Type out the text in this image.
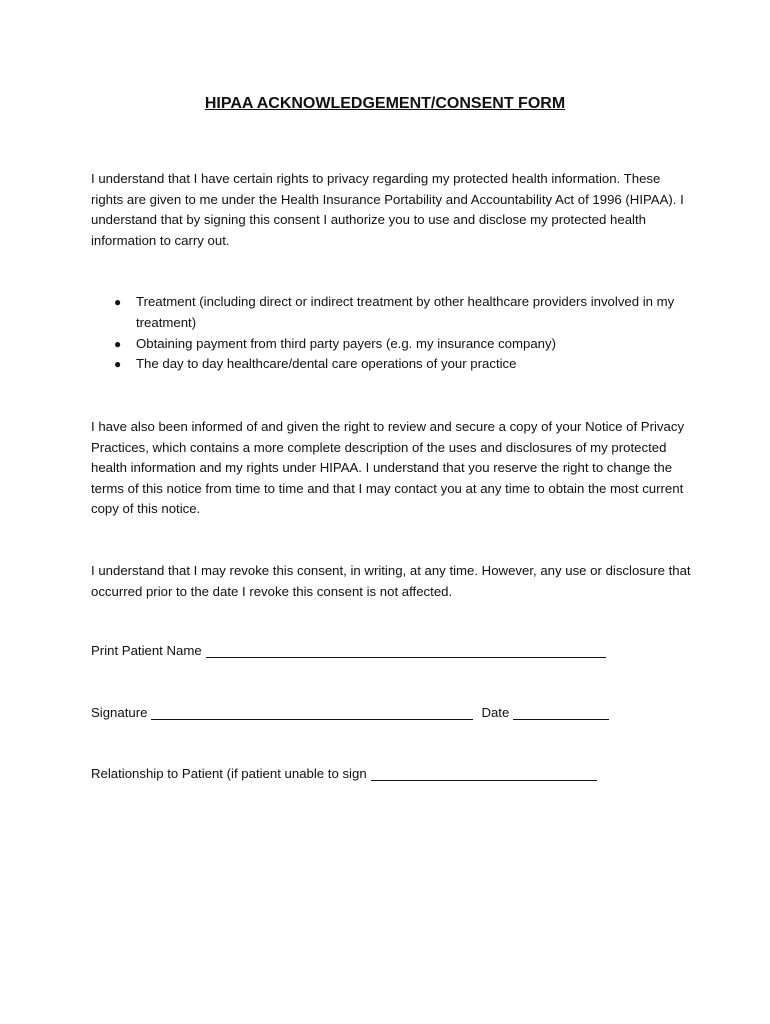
HIPAA ACKNOWLEDGEMENT/CONSENT FORM
I understand that I have certain rights to privacy regarding my protected health information. These rights are given to me under the Health Insurance Portability and Accountability Act of 1996 (HIPAA). I understand that by signing this consent I authorize you to use and disclose my protected health information to carry out.
● Treatment (including direct or indirect treatment by other healthcare providers involved in my treatment)
● Obtaining payment from third party payers (e.g. my insurance company)
● The day to day healthcare/dental care operations of your practice
I have also been informed of and given the right to review and secure a copy of your Notice of Privacy Practices, which contains a more complete description of the uses and disclosures of my protected health information and my rights under HIPAA. I understand that you reserve the right to change the terms of this notice from time to time and that I may contact you at any time to obtain the most current copy of this notice.
I understand that I may revoke this consent, in writing, at any time. However, any use or disclosure that occurred prior to the date I revoke this consent is not affected.
Print Patient Name
Signature	Date
Relationship to Patient (if patient unable to sign
